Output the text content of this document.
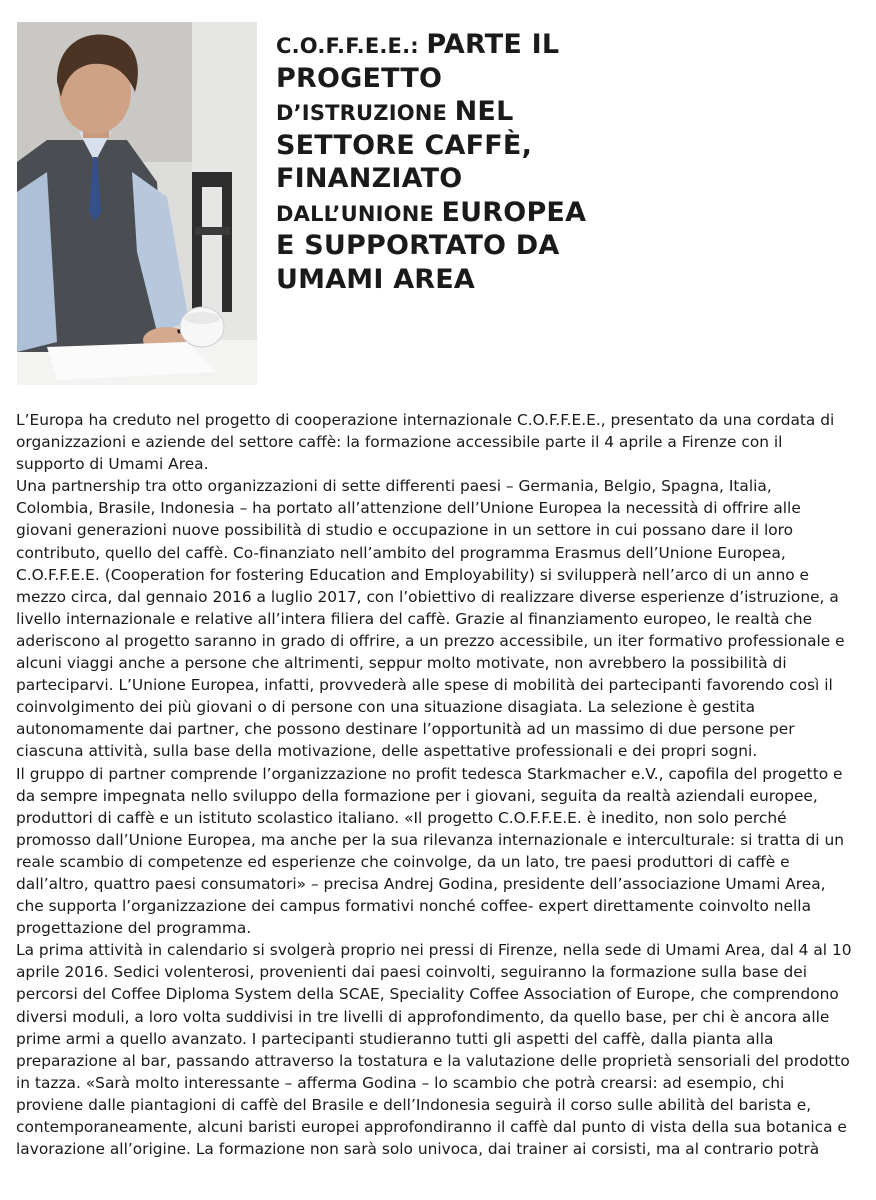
C.O.F.F.E.E.: PARTE IL
PROGETTO
D’ISTRUZIONE NEL
SETTORE CAFFÈ,
FINANZIATO
DALL’UNIONE EUROPEA
E SUPPORTATO DA
UMAMI AREA
L’Europa ha creduto nel progetto di cooperazione internazionale C.O.F.F.E.E., presentato da una cordata di
organizzazioni e aziende del settore caffè: la formazione accessibile parte il 4 aprile a Firenze con il
supporto di Umami Area.
Una partnership tra otto organizzazioni di sette differenti paesi – Germania, Belgio, Spagna, Italia,
Colombia, Brasile, Indonesia – ha portato all’attenzione dell’Unione Europea la necessità di offrire alle
giovani generazioni nuove possibilità di studio e occupazione in un settore in cui possano dare il loro
contributo, quello del caffè. Co-finanziato nell’ambito del programma Erasmus dell’Unione Europea,
C.O.F.F.E.E. (Cooperation for fostering Education and Employability) si svilupperà nell’arco di un anno e
mezzo circa, dal gennaio 2016 a luglio 2017, con l’obiettivo di realizzare diverse esperienze d’istruzione, a
livello internazionale e relative all’intera filiera del caffè. Grazie al finanziamento europeo, le realtà che
aderiscono al progetto saranno in grado di offrire, a un prezzo accessibile, un iter formativo professionale e
alcuni viaggi anche a persone che altrimenti, seppur molto motivate, non avrebbero la possibilità di
parteciparvi. L’Unione Europea, infatti, provvederà alle spese di mobilità dei partecipanti favorendo così il
coinvolgimento dei più giovani o di persone con una situazione disagiata. La selezione è gestita
autonomamente dai partner, che possono destinare l’opportunità ad un massimo di due persone per
ciascuna attività, sulla base della motivazione, delle aspettative professionali e dei propri sogni.
Il gruppo di partner comprende l’organizzazione no profit tedesca Starkmacher e.V., capofila del progetto e
da sempre impegnata nello sviluppo della formazione per i giovani, seguita da realtà aziendali europee,
produttori di caffè e un istituto scolastico italiano. «Il progetto C.O.F.F.E.E. è inedito, non solo perché
promosso dall’Unione Europea, ma anche per la sua rilevanza internazionale e interculturale: si tratta di un
reale scambio di competenze ed esperienze che coinvolge, da un lato, tre paesi produttori di caffè e
dall’altro, quattro paesi consumatori» – precisa Andrej Godina, presidente dell’associazione Umami Area,
che supporta l’organizzazione dei campus formativi nonché coffee- expert direttamente coinvolto nella
progettazione del programma.
La prima attività in calendario si svolgerà proprio nei pressi di Firenze, nella sede di Umami Area, dal 4 al 10
aprile 2016. Sedici volenterosi, provenienti dai paesi coinvolti, seguiranno la formazione sulla base dei
percorsi del Coffee Diploma System della SCAE, Speciality Coffee Association of Europe, che comprendono
diversi moduli, a loro volta suddivisi in tre livelli di approfondimento, da quello base, per chi è ancora alle
prime armi a quello avanzato. I partecipanti studieranno tutti gli aspetti del caffè, dalla pianta alla
preparazione al bar, passando attraverso la tostatura e la valutazione delle proprietà sensoriali del prodotto
in tazza. «Sarà molto interessante – afferma Godina – lo scambio che potrà crearsi: ad esempio, chi
proviene dalle piantagioni di caffè del Brasile e dell’Indonesia seguirà il corso sulle abilità del barista e,
contemporaneamente, alcuni baristi europei approfondiranno il caffè dal punto di vista della sua botanica e
lavorazione all’origine. La formazione non sarà solo univoca, dai trainer ai corsisti, ma al contrario potrà
